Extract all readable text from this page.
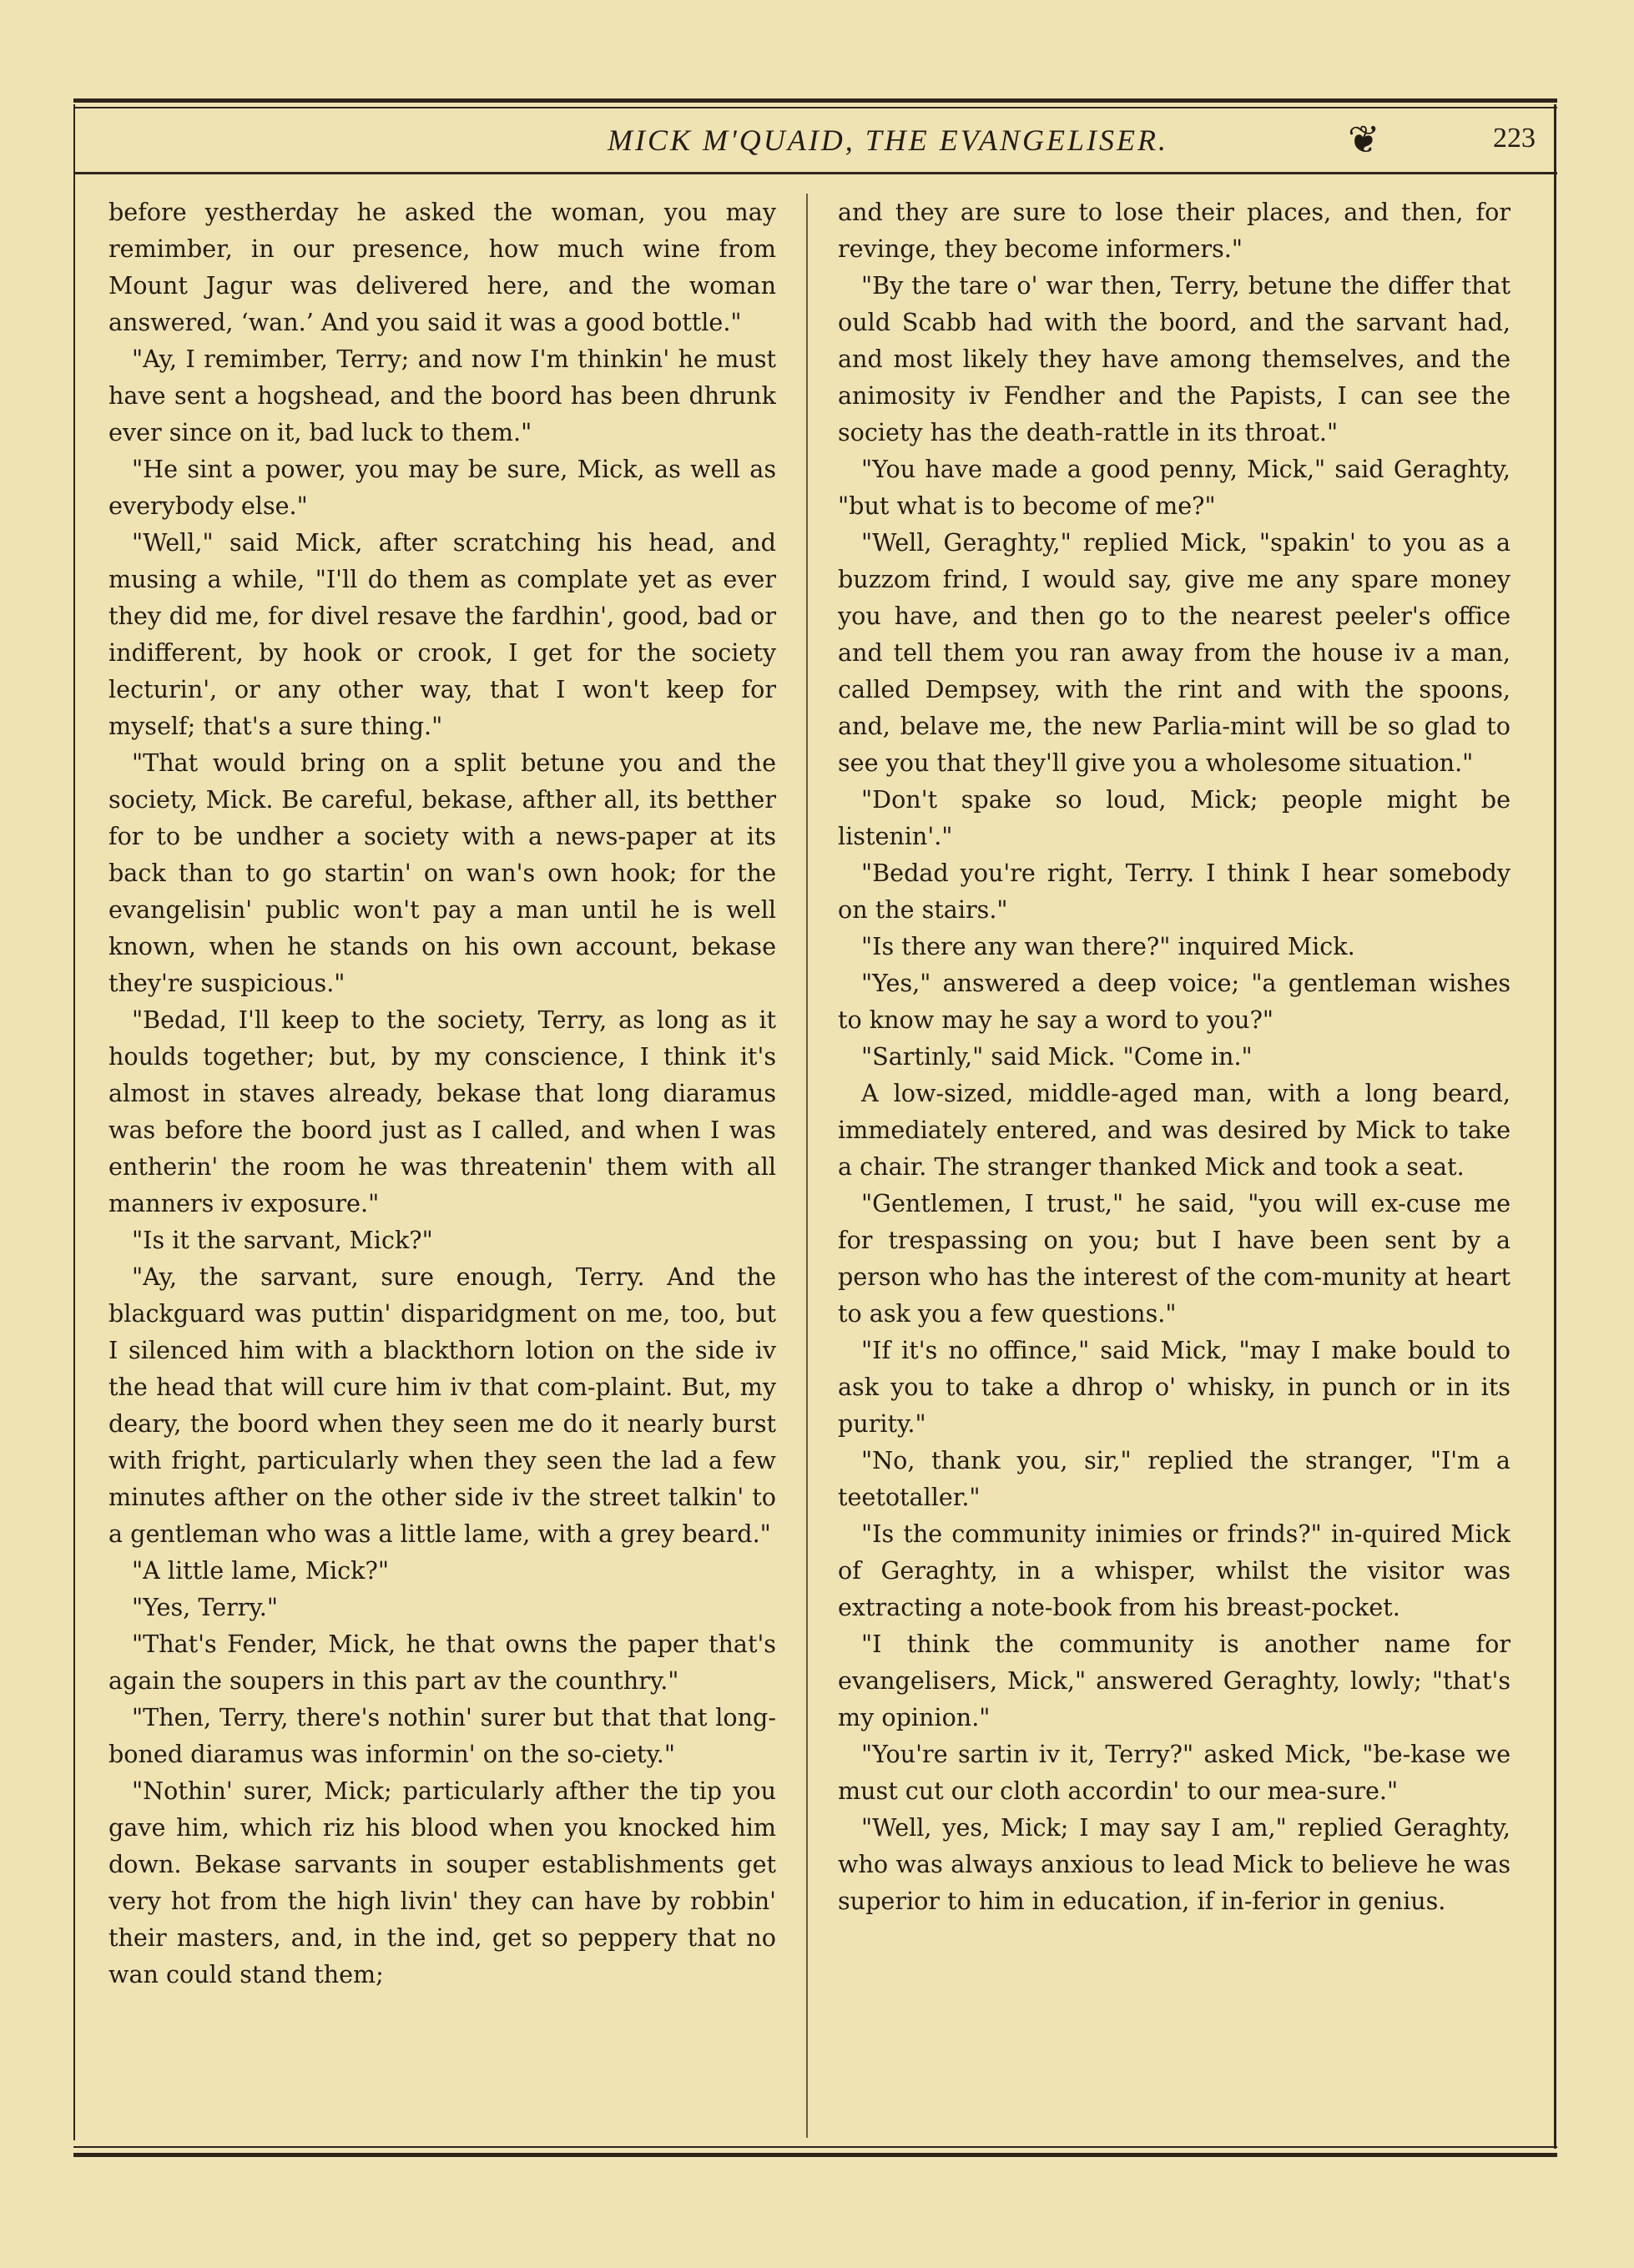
MICK M'QUAID, THE EVANGELISER.	❦	223

before yestherday he asked the woman, you may remimber, in our presence, how much wine from Mount Jagur was delivered here, and the woman answered, ‘wan.’ And you said it was a good bottle."

"Ay, I remimber, Terry; and now I'm thinkin' he must have sent a hogshead, and the boord has been dhrunk ever since on it, bad luck to them."

"He sint a power, you may be sure, Mick, as well as everybody else."

"Well," said Mick, after scratching his head, and musing a while, "I'll do them as complate yet as ever they did me, for divel resave the fardhin', good, bad or indifferent, by hook or crook, I get for the society lecturin', or any other way, that I won't keep for myself; that's a sure thing."

"That would bring on a split betune you and the society, Mick. Be careful, bekase, afther all, its betther for to be undher a society with a news-paper at its back than to go startin' on wan's own hook; for the evangelisin' public won't pay a man until he is well known, when he stands on his own account, bekase they're suspicious."

"Bedad, I'll keep to the society, Terry, as long as it houlds together; but, by my conscience, I think it's almost in staves already, bekase that long diaramus was before the boord just as I called, and when I was entherin' the room he was threatenin' them with all manners iv exposure."

"Is it the sarvant, Mick?"

"Ay, the sarvant, sure enough, Terry. And the blackguard was puttin' disparidgment on me, too, but I silenced him with a blackthorn lotion on the side iv the head that will cure him iv that com-plaint. But, my deary, the boord when they seen me do it nearly burst with fright, particularly when they seen the lad a few minutes afther on the other side iv the street talkin' to a gentleman who was a little lame, with a grey beard."

"A little lame, Mick?"

"Yes, Terry."

"That's Fender, Mick, he that owns the paper that's again the soupers in this part av the counthry."

"Then, Terry, there's nothin' surer but that that long-boned diaramus was informin' on the so-ciety."

"Nothin' surer, Mick; particularly afther the tip you gave him, which riz his blood when you knocked him down. Bekase sarvants in souper establishments get very hot from the high livin' they can have by robbin' their masters, and, in the ind, get so peppery that no wan could stand them;

and they are sure to lose their places, and then, for revinge, they become informers."

"By the tare o' war then, Terry, betune the differ that ould Scabb had with the boord, and the sarvant had, and most likely they have among themselves, and the animosity iv Fendher and the Papists, I can see the society has the death-rattle in its throat."

"You have made a good penny, Mick," said Geraghty, "but what is to become of me?"

"Well, Geraghty," replied Mick, "spakin' to you as a buzzom frind, I would say, give me any spare money you have, and then go to the nearest peeler's office and tell them you ran away from the house iv a man, called Dempsey, with the rint and with the spoons, and, belave me, the new Parlia-mint will be so glad to see you that they'll give you a wholesome situation."

"Don't spake so loud, Mick; people might be listenin'."

"Bedad you're right, Terry. I think I hear somebody on the stairs."

"Is there any wan there?" inquired Mick.

"Yes," answered a deep voice; "a gentleman wishes to know may he say a word to you?"

"Sartinly," said Mick. "Come in."

A low-sized, middle-aged man, with a long beard, immediately entered, and was desired by Mick to take a chair. The stranger thanked Mick and took a seat.

"Gentlemen, I trust," he said, "you will ex-cuse me for trespassing on you; but I have been sent by a person who has the interest of the com-munity at heart to ask you a few questions."

"If it's no offince," said Mick, "may I make bould to ask you to take a dhrop o' whisky, in punch or in its purity."

"No, thank you, sir," replied the stranger, "I'm a teetotaller."

"Is the community inimies or frinds?" in-quired Mick of Geraghty, in a whisper, whilst the visitor was extracting a note-book from his breast-pocket.

"I think the community is another name for evangelisers, Mick," answered Geraghty, lowly; "that's my opinion."

"You're sartin iv it, Terry?" asked Mick, "be-kase we must cut our cloth accordin' to our mea-sure."

"Well, yes, Mick; I may say I am," replied Geraghty, who was always anxious to lead Mick to believe he was superior to him in education, if in-ferior in genius.
